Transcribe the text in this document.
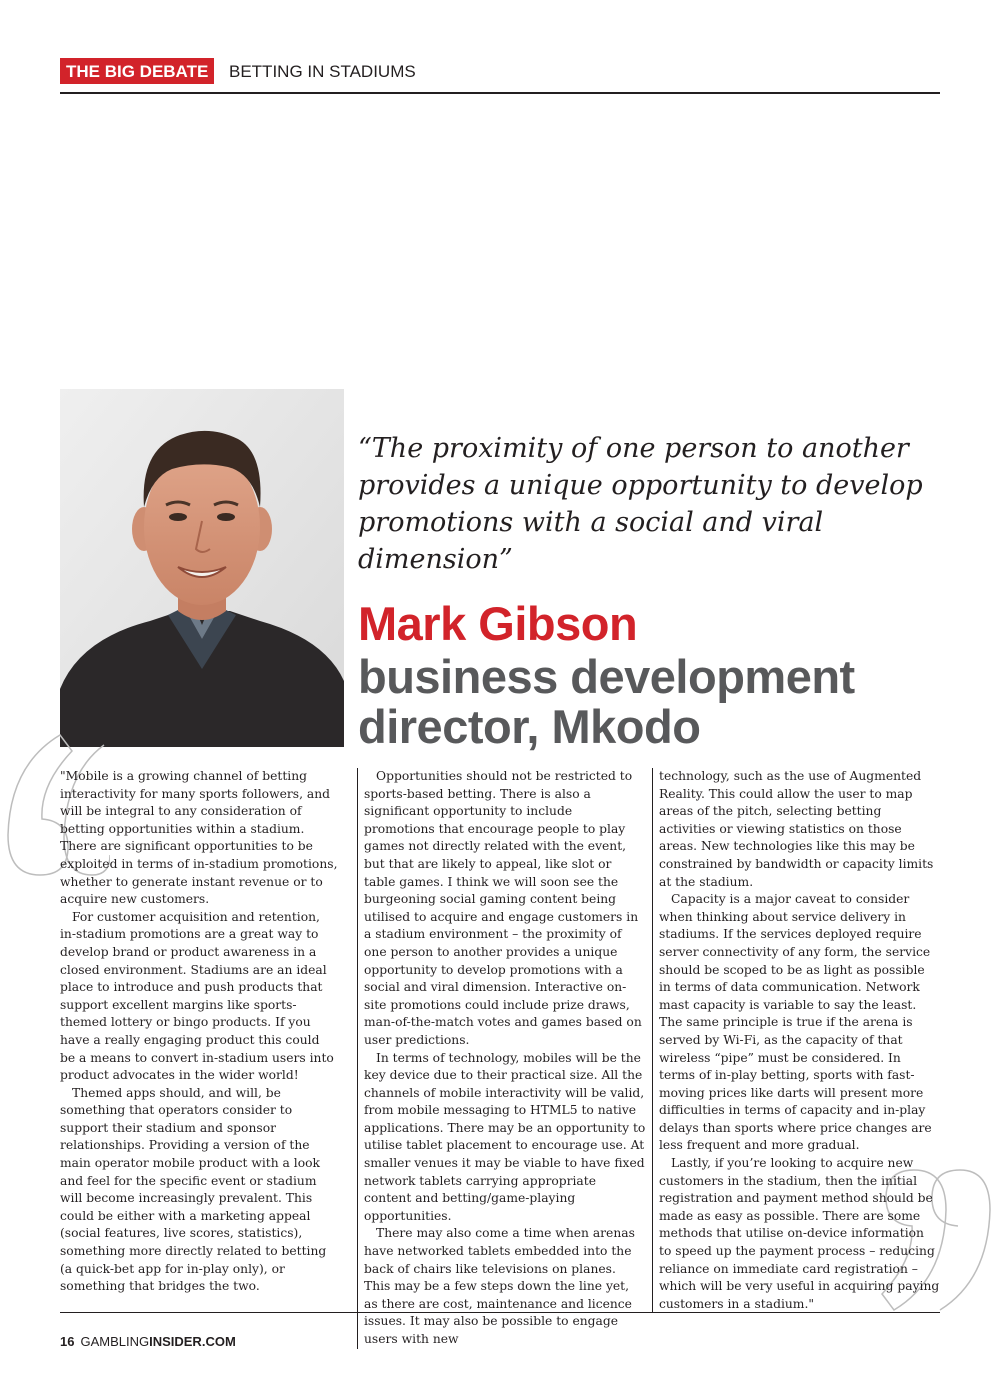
THE BIG DEBATE	BETTING IN STADIUMS

“The proximity of one person to another provides a unique opportunity to develop promotions with a social and viral dimension”

Mark Gibson
business development director, Mkodo

"Mobile is a growing channel of betting interactivity for many sports followers, and will be integral to any consideration of betting opportunities within a stadium. There are significant opportunities to be exploited in terms of in-stadium promotions, whether to generate instant revenue or to acquire new customers.

For customer acquisition and retention, in-stadium promotions are a great way to develop brand or product awareness in a closed environment. Stadiums are an ideal place to introduce and push products that support excellent margins like sports-themed lottery or bingo products. If you have a really engaging product this could be a means to convert in-stadium users into product advocates in the wider world!

Themed apps should, and will, be something that operators consider to support their stadium and sponsor relationships. Providing a version of the main operator mobile product with a look and feel for the specific event or stadium will become increasingly prevalent. This could be either with a marketing appeal (social features, live scores, statistics), something more directly related to betting (a quick-bet app for in-play only), or something that bridges the two.

Opportunities should not be restricted to sports-based betting. There is also a significant opportunity to include promotions that encourage people to play games not directly related with the event, but that are likely to appeal, like slot or table games. I think we will soon see the burgeoning social gaming content being utilised to acquire and engage customers in a stadium environment – the proximity of one person to another provides a unique opportunity to develop promotions with a social and viral dimension. Interactive on-site promotions could include prize draws, man-of-the-match votes and games based on user predictions.

In terms of technology, mobiles will be the key device due to their practical size. All the channels of mobile interactivity will be valid, from mobile messaging to HTML5 to native applications. There may be an opportunity to utilise tablet placement to encourage use. At smaller venues it may be viable to have fixed network tablets carrying appropriate content and betting/game-playing opportunities.

There may also come a time when arenas have networked tablets embedded into the back of chairs like televisions on planes. This may be a few steps down the line yet, as there are cost, maintenance and licence issues. It may also be possible to engage users with new

technology, such as the use of Augmented Reality. This could allow the user to map areas of the pitch, selecting betting activities or viewing statistics on those areas. New technologies like this may be constrained by bandwidth or capacity limits at the stadium.

Capacity is a major caveat to consider when thinking about service delivery in stadiums. If the services deployed require server connectivity of any form, the service should be scoped to be as light as possible in terms of data communication. Network mast capacity is variable to say the least. The same principle is true if the arena is served by Wi-Fi, as the capacity of that wireless “pipe” must be considered. In terms of in-play betting, sports with fast-moving prices like darts will present more difficulties in terms of capacity and in-play delays than sports where price changes are less frequent and more gradual.

Lastly, if you’re looking to acquire new customers in the stadium, then the initial registration and payment method should be made as easy as possible. There are some methods that utilise on-device information to speed up the payment process – reducing reliance on immediate card registration – which will be very useful in acquiring paying customers in a stadium."

16 GAMBLINGINSIDER.COM
